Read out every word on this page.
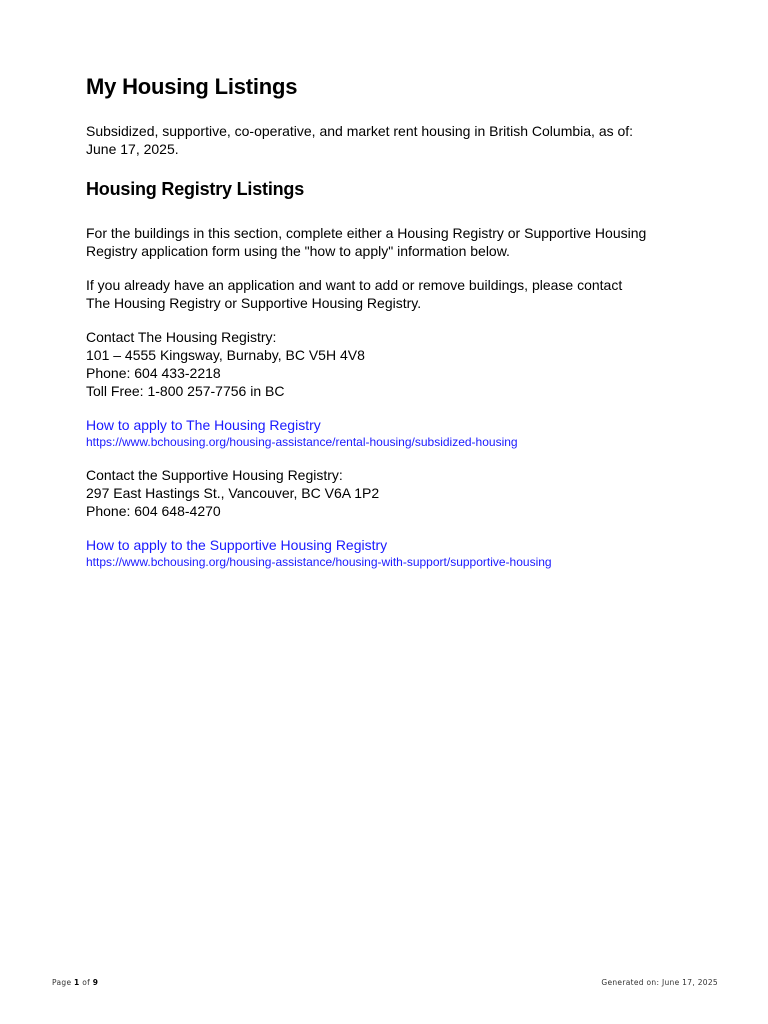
My Housing Listings

Subsidized, supportive, co-operative, and market rent housing in British Columbia, as of:
June 17, 2025.

Housing Registry Listings

For the buildings in this section, complete either a Housing Registry or Supportive Housing
Registry application form using the "how to apply" information below.

If you already have an application and want to add or remove buildings, please contact
The Housing Registry or Supportive Housing Registry.

Contact The Housing Registry:
101 – 4555 Kingsway, Burnaby, BC V5H 4V8
Phone: 604 433-2218
Toll Free: 1-800 257-7756 in BC

How to apply to The Housing Registry
https://www.bchousing.org/housing-assistance/rental-housing/subsidized-housing

Contact the Supportive Housing Registry:
297 East Hastings St., Vancouver, BC V6A 1P2
Phone: 604 648-4270

How to apply to the Supportive Housing Registry
https://www.bchousing.org/housing-assistance/housing-with-support/supportive-housing
Page 1 of 9	Generated on: June 17, 2025
